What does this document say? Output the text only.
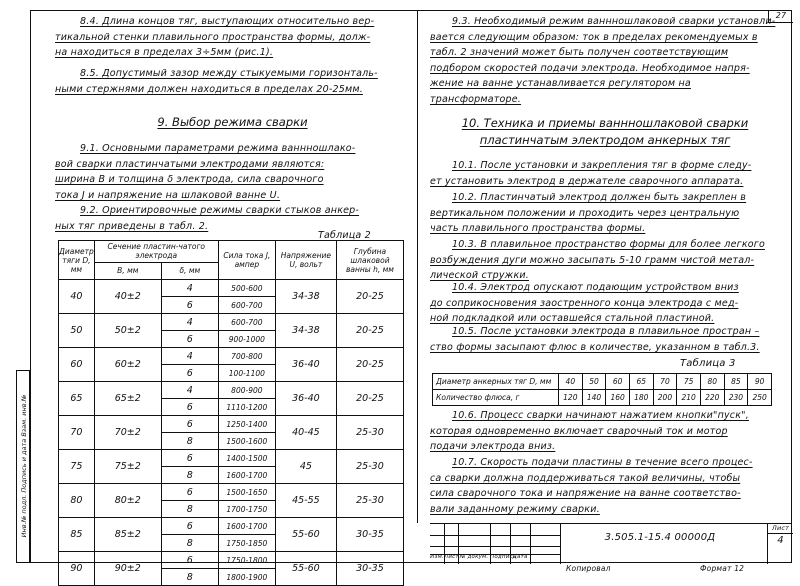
27
8.4. Длина концов тяг, выступающих относительно вер-
тикальной стенки плавильного пространства формы, долж-
на находиться в пределах 3÷5мм (рис.1).
8.5. Допустимый зазор между стыкуемыми горизонталь-
ными стержнями должен находиться в пределах 20-25мм.
9. Выбор режима сварки
9.1. Основными параметрами режима ваннношлако-
вой сварки пластинчатыми электродами являются:
ширина В и толщина δ электрода, сила сварочного
тока J и напряжение на шлаковой ванне U.
9.2. Ориентировочные режимы сварки стыков анкер-
ных тяг приведены в табл. 2.
Таблица 2
Диаметр тяги D, мм	Сечение пластин-чатого электрода		Сила тока J, ампер	Напряжение U, вольт	Глубина шлаковой ванны h, мм
	В, мм	δ, мм			
40	40±2	4	500-600	34-38	20-25
		6	600-700		
50	50±2	4	600-700	34-38	20-25
		6	900-1000		
60	60±2	4	700-800	36-40	20-25
		6	100-1100		
65	65±2	4	800-900	36-40	20-25
		6	1110-1200		
70	70±2	6	1250-1400	40-45	25-30
		8	1500-1600		
75	75±2	6	1400-1500	45	25-30
		8	1600-1700		
80	80±2	6	1500-1650	45-55	25-30
		8	1700-1750		
85	85±2	6	1600-1700	55-60	30-35
		8	1750-1850		
90	90±2	6	1750-1800	55-60	30-35
		8	1800-1900		
9.3. Необходимый режим ваннношлаковой сварки установли-
вается следующим образом: ток в пределах рекомендуемых в
табл. 2 значений может быть получен соответствующим
подбором скоростей подачи электрода. Необходимое напря-
жение на ванне устанавливается регулятором на трансформаторе.
10. Техника и приемы ваннношлаковой сварки
пластинчатым электродом анкерных тяг
10.1. После установки и закрепления тяг в форме следу-
ет установить электрод в держателе сварочного аппарата.
10.2. Пластинчатый электрод должен быть закреплен в
вертикальном положении и проходить через центральную
часть плавильного пространства формы.
10.3. В плавильное пространство формы для более легкого
возбуждения дуги можно засыпать 5-10 грамм чистой метал-
лической стружки.
10.4. Электрод опускают подающим устройством вниз
до соприкосновения заостренного конца электрода с мед-
ной подкладкой или оставшейся стальной пластиной.
10.5. После установки электрода в плавильное простран –
ство формы засыпают флюс в количестве, указанном в табл.3.
Таблица 3
Диаметр анкерных тяг D, мм	40	50	60	65	70	75	80	85	90
Количество флюса, г	120	140	160	180	200	210	220	230	250
10.6. Процесс сварки начинают нажатием кнопки"пуск",
которая одновременно включает сварочный ток и мотор
подачи электрода вниз.
10.7. Скорость подачи пластины в течение всего процес-
са сварки должна поддерживаться такой величины, чтобы
сила сварочного тока и напряжение на ванне соответство-
вали заданному режиму сварки.
Изм.Лист№ докум. ПодписьДата
3.505.1-15.4 00000Д
Лист
4
Копировал	Формат 12
Инв.№ подл. Подпись и дата Взам. инв.№
